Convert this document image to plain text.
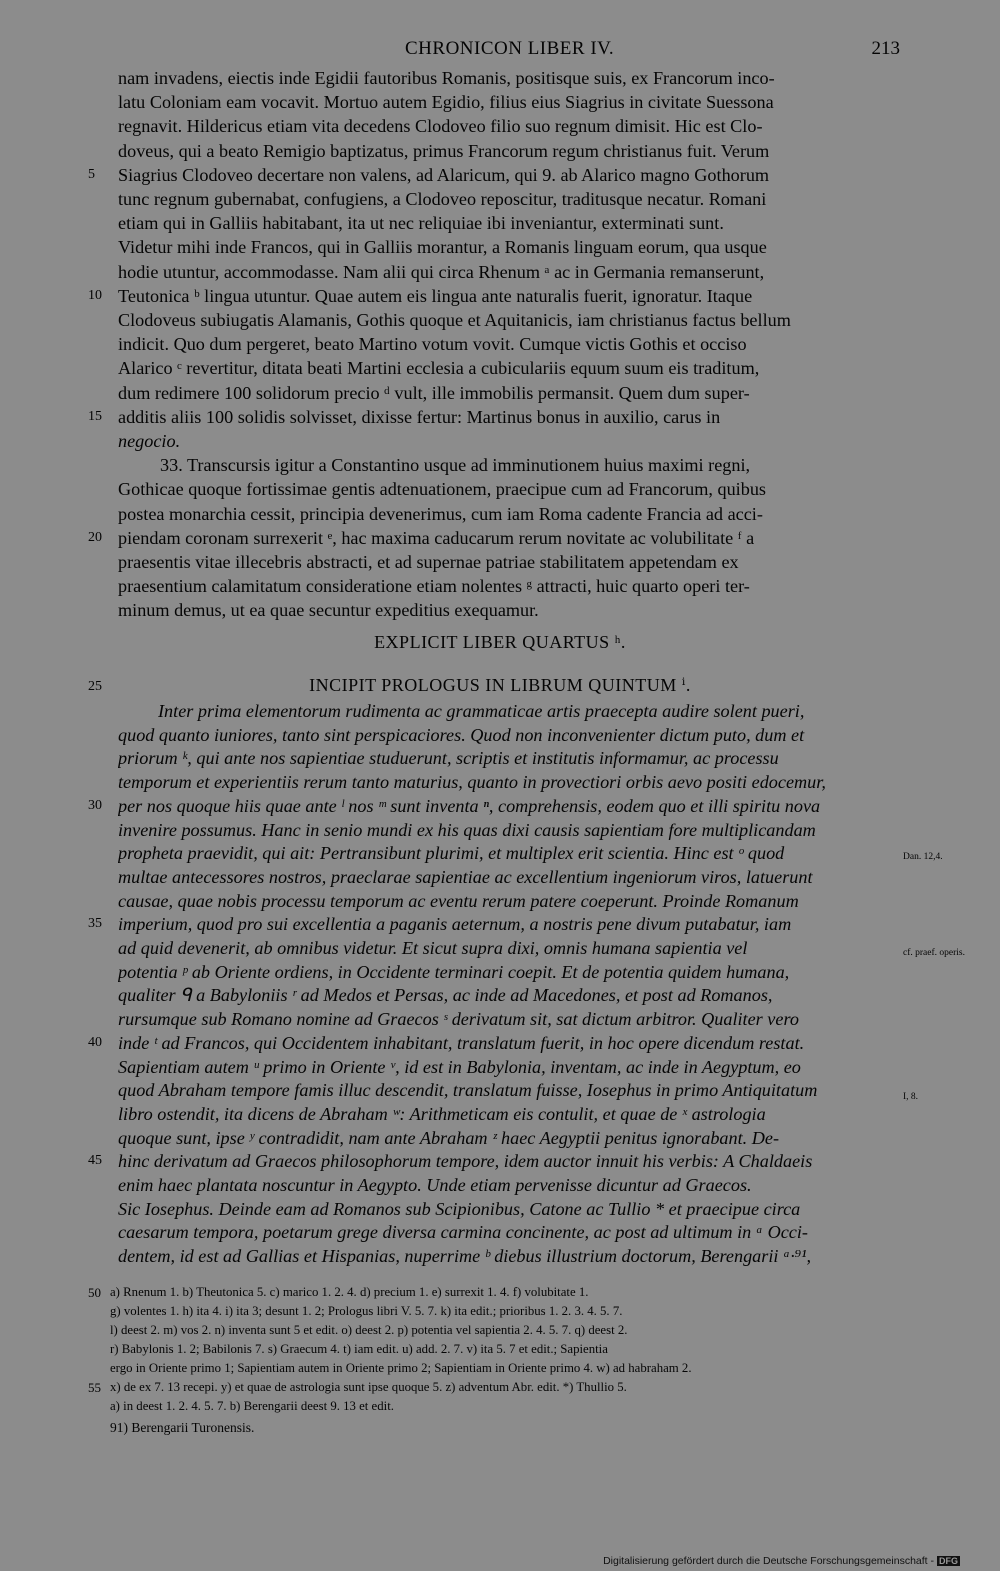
CHRONICON LIBER IV.	213
nam invadens, eiectis inde Egidii fautoribus Romanis, positisque suis, ex Francorum inco-
latu Coloniam eam vocavit. Mortuo autem Egidio, filius eius Siagrius in civitate Suessona
regnavit. Hildericus etiam vita decedens Clodoveo filio suo regnum dimisit. Hic est Clo-
doveus, qui a beato Remigio baptizatus, primus Francorum regum christianus fuit. Verum
5 Siagrius Clodoveo decertare non valens, ad Alaricum, qui 9. ab Alarico magno Gothorum
tunc regnum gubernabat, confugiens, a Clodoveo reposcitur, traditusque necatur. Romani
etiam qui in Galliis habitabant, ita ut nec reliquiae ibi inveniantur, exterminati sunt.
Videtur mihi inde Francos, qui in Galliis morantur, a Romanis linguam eorum, qua usque
hodie utuntur, accommodasse. Nam alii qui circa Rhenum ᵃ ac in Germania remanserunt,
10 Teutonica ᵇ lingua utuntur. Quae autem eis lingua ante naturalis fuerit, ignoratur. Itaque
Clodoveus subiugatis Alamanis, Gothis quoque et Aquitanicis, iam christianus factus bellum
indicit. Quo dum pergeret, beato Martino votum vovit. Cumque victis Gothis et occiso
Alarico ᶜ revertitur, ditata beati Martini ecclesia a cubiculariis equum suum eis traditum,
dum redimere 100 solidorum precio ᵈ vult, ille immobilis permansit. Quem dum super-
15 additis aliis 100 solidis solvisset, dixisse fertur: Martinus bonus in auxilio, carus in
negocio.
33. Transcursis igitur a Constantino usque ad imminutionem huius maximi regni,
Gothicae quoque fortissimae gentis adtenuationem, praecipue cum ad Francorum, quibus
postea monarchia cessit, principia devenerimus, cum iam Roma cadente Francia ad acci-
20 piendam coronam surrexerit ᵉ, hac maxima caducarum rerum novitate ac volubilitate ᶠ a
praesentis vitae illecebris abstracti, et ad supernae patriae stabilitatem appetendam ex
praesentium calamitatum consideratione etiam nolentes ᵍ attracti, huic quarto operi ter-
minum demus, ut ea quae secuntur expeditius exequamur.
EXPLICIT LIBER QUARTUS ʰ.
25	INCIPIT PROLOGUS IN LIBRUM QUINTUM ⁱ.
Inter prima elementorum rudimenta ac grammaticae artis praecepta audire solent pueri,
quod quanto iuniores, tanto sint perspicaciores. Quod non inconvenienter dictum puto, dum et
priorum ᵏ, qui ante nos sapientiae studuerunt, scriptis et institutis informamur, ac processu
temporum et experientiis rerum tanto maturius, quanto in provectiori orbis aevo positi edocemur,
30 per nos quoque hiis quae ante ˡ nos ᵐ sunt inventa ⁿ, comprehensis, eodem quo et illi spiritu nova
invenire possumus. Hanc in senio mundi ex his quas dixi causis sapientiam fore multiplicandam
propheta praevidit, qui ait: Pertransibunt plurimi, et multiplex erit scientia. Hinc est ᵒ quod
multae antecessores nostros, praeclarae sapientiae ac excellentium ingeniorum viros, latuerunt
causae, quae nobis processu temporum ac eventu rerum patere coeperunt. Proinde Romanum
35 imperium, quod pro sui excellentia a paganis aeternum, a nostris pene divum putabatur, iam
ad quid devenerit, ab omnibus videtur. Et sicut supra dixi, omnis humana sapientia vel
potentia ᵖ ab Oriente ordiens, in Occidente terminari coepit. Et de potentia quidem humana,
qualiter ᑫ a Babyloniis ʳ ad Medos et Persas, ac inde ad Macedones, et post ad Romanos,
rursumque sub Romano nomine ad Graecos ˢ derivatum sit, sat dictum arbitror. Qualiter vero
40 inde ᵗ ad Francos, qui Occidentem inhabitant, translatum fuerit, in hoc opere dicendum restat.
Sapientiam autem ᵘ primo in Oriente ᵛ, id est in Babylonia, inventam, ac inde in Aegyptum, eo
quod Abraham tempore famis illuc descendit, translatum fuisse, Iosephus in primo Antiquitatum
libro ostendit, ita dicens de Abraham ʷ: Arithmeticam eis contulit, et quae de ˣ astrologia
quoque sunt, ipse ʸ contradidit, nam ante Abraham ᶻ haec Aegyptii penitus ignorabant. De-
45 hinc derivatum ad Graecos philosophorum tempore, idem auctor innuit his verbis: A Chaldaeis
enim haec plantata noscuntur in Aegypto. Unde etiam pervenisse dicuntur ad Graecos.
Sic Iosephus. Deinde eam ad Romanos sub Scipionibus, Catone ac Tullio * et praecipue circa
caesarum tempora, poetarum grege diversa carmina concinente, ac post ad ultimum in ᵃ Occi-
dentem, id est ad Gallias et Hispanias, nuperrime ᵇ diebus illustrium doctorum, Berengarii ᵃ·⁹¹,
Dan. 12,4.
cf. praef. operis.
I, 8.
50 a) Rnenum 1. b) Theutonica 5. c) marico 1. 2. 4. d) precium 1. e) surrexit 1. 4. f) volubitate 1.
g) volentes 1. h) ita 4. i) ita 3; desunt 1. 2; Prologus libri V. 5. 7. k) ita edit.; prioribus 1. 2. 3. 4. 5. 7.
l) deest 2. m) vos 2. n) inventa sunt 5 et edit. o) deest 2. p) potentia vel sapientia 2. 4. 5. 7. q) deest 2.
r) Babylonis 1. 2; Babilonis 7. s) Graecum 4. t) iam edit. u) add. 2. 7. v) ita 5. 7 et edit.; Sapientia
ergo in Oriente primo 1; Sapientiam autem in Oriente primo 2; Sapientiam in Oriente primo 4. w) ad habraham 2.
55 x) de ex 7. 13 recepi. y) et quae de astrologia sunt ipse quoque 5. z) adventum Abr. edit. *) Thullio 5.
a) in deest 1. 2. 4. 5. 7. b) Berengarii deest 9. 13 et edit.
91) Berengarii Turonensis.
Digitalisierung gefördert durch die Deutsche Forschungsgemeinschaft - DFG
